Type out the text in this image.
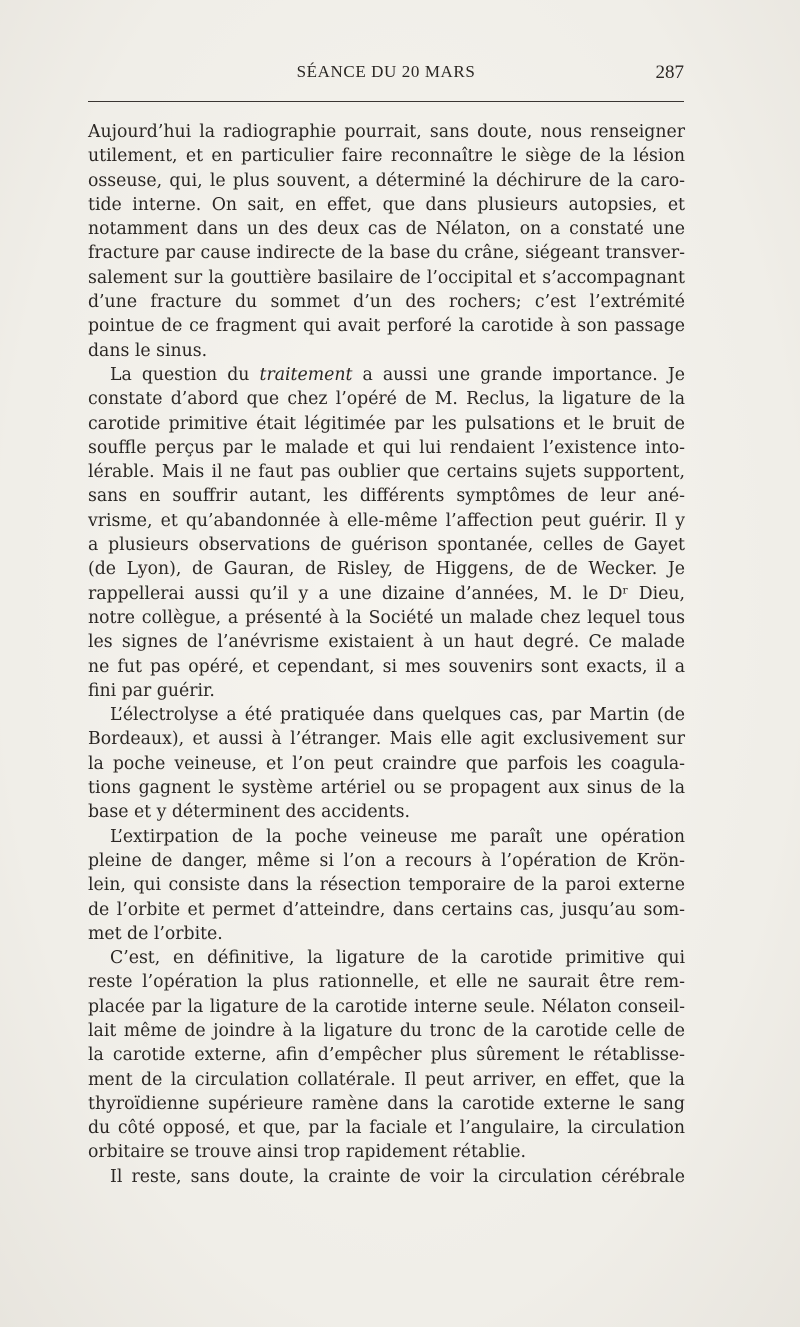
SÉANCE DU 20 MARS	287
Aujourd’hui la radiographie pourrait, sans doute, nous renseigner
utilement, et en particulier faire reconnaître le siège de la lésion
osseuse, qui, le plus souvent, a déterminé la déchirure de la caro-
tide interne. On sait, en effet, que dans plusieurs autopsies, et
notamment dans un des deux cas de Nélaton, on a constaté une
fracture par cause indirecte de la base du crâne, siégeant transver-
salement sur la gouttière basilaire de l’occipital et s’accompagnant
d’une fracture du sommet d’un des rochers; c’est l’extrémité
pointue de ce fragment qui avait perforé la carotide à son passage
dans le sinus.
La question du traitement a aussi une grande importance. Je
constate d’abord que chez l’opéré de M. Reclus, la ligature de la
carotide primitive était légitimée par les pulsations et le bruit de
souffle perçus par le malade et qui lui rendaient l’existence into-
lérable. Mais il ne faut pas oublier que certains sujets supportent,
sans en souffrir autant, les différents symptômes de leur ané-
vrisme, et qu’abandonnée à elle-même l’affection peut guérir. Il y
a plusieurs observations de guérison spontanée, celles de Gayet
(de Lyon), de Gauran, de Risley, de Higgens, de de Wecker. Je
rappellerai aussi qu’il y a une dizaine d’années, M. le Dʳ Dieu,
notre collègue, a présenté à la Société un malade chez lequel tous
les signes de l’anévrisme existaient à un haut degré. Ce malade
ne fut pas opéré, et cependant, si mes souvenirs sont exacts, il a
fini par guérir.
L’électrolyse a été pratiquée dans quelques cas, par Martin (de
Bordeaux), et aussi à l’étranger. Mais elle agit exclusivement sur
la poche veineuse, et l’on peut craindre que parfois les coagula-
tions gagnent le système artériel ou se propagent aux sinus de la
base et y déterminent des accidents.
L’extirpation de la poche veineuse me paraît une opération
pleine de danger, même si l’on a recours à l’opération de Krön-
lein, qui consiste dans la résection temporaire de la paroi externe
de l’orbite et permet d’atteindre, dans certains cas, jusqu’au som-
met de l’orbite.
C’est, en définitive, la ligature de la carotide primitive qui
reste l’opération la plus rationnelle, et elle ne saurait être rem-
placée par la ligature de la carotide interne seule. Nélaton conseil-
lait même de joindre à la ligature du tronc de la carotide celle de
la carotide externe, afin d’empêcher plus sûrement le rétablisse-
ment de la circulation collatérale. Il peut arriver, en effet, que la
thyroïdienne supérieure ramène dans la carotide externe le sang
du côté opposé, et que, par la faciale et l’angulaire, la circulation
orbitaire se trouve ainsi trop rapidement rétablie.
Il reste, sans doute, la crainte de voir la circulation cérébrale
